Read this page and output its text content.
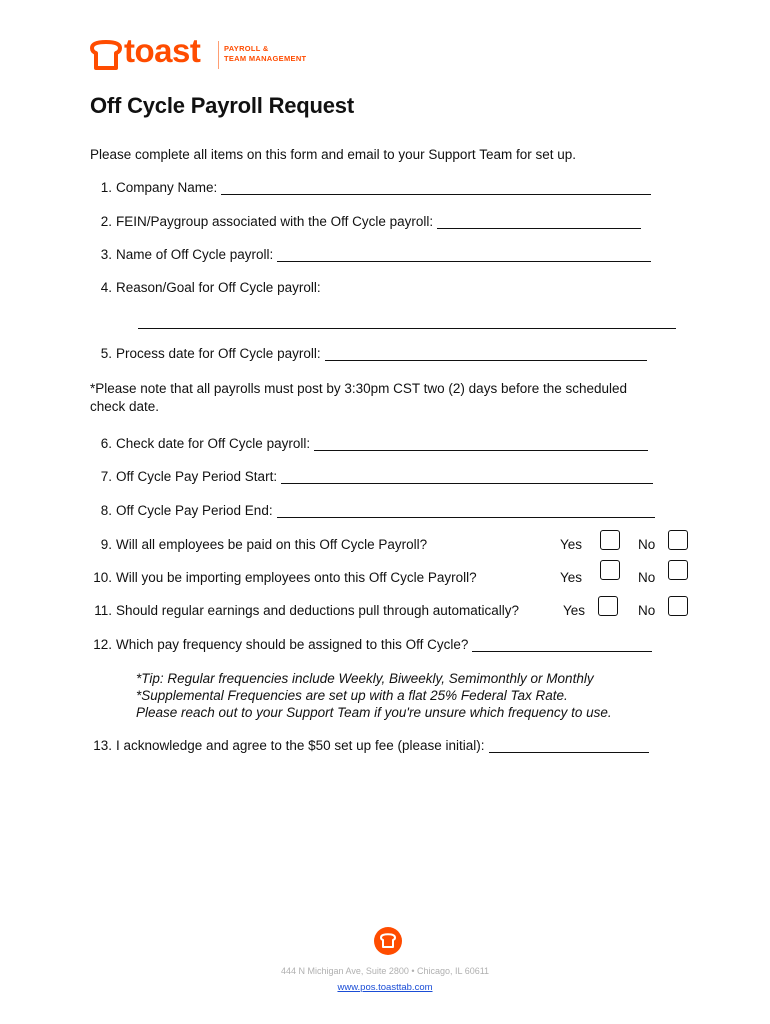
toast	PAYROLL &
TEAM MANAGEMENT
Off Cycle Payroll Request
Please complete all items on this form and email to your Support Team for set up.
1. Company Name:
2. FEIN/Paygroup associated with the Off Cycle payroll:
3. Name of Off Cycle payroll:
4. Reason/Goal for Off Cycle payroll:
5. Process date for Off Cycle payroll:
*Please note that all payrolls must post by 3:30pm CST two (2) days before the scheduled check date.
6. Check date for Off Cycle payroll:
7. Off Cycle Pay Period Start:
8. Off Cycle Pay Period End:
9. Will all employees be paid on this Off Cycle Payroll?	Yes	No
10. Will you be importing employees onto this Off Cycle Payroll?	Yes	No
11. Should regular earnings and deductions pull through automatically?	Yes	No
12. Which pay frequency should be assigned to this Off Cycle?
*Tip: Regular frequencies include Weekly, Biweekly, Semimonthly or Monthly
*Supplemental Frequencies are set up with a flat 25% Federal Tax Rate.
Please reach out to your Support Team if you're unsure which frequency to use.
13. I acknowledge and agree to the $50 set up fee (please initial):
444 N Michigan Ave, Suite 2800 • Chicago, IL 60611
www.pos.toasttab.com
